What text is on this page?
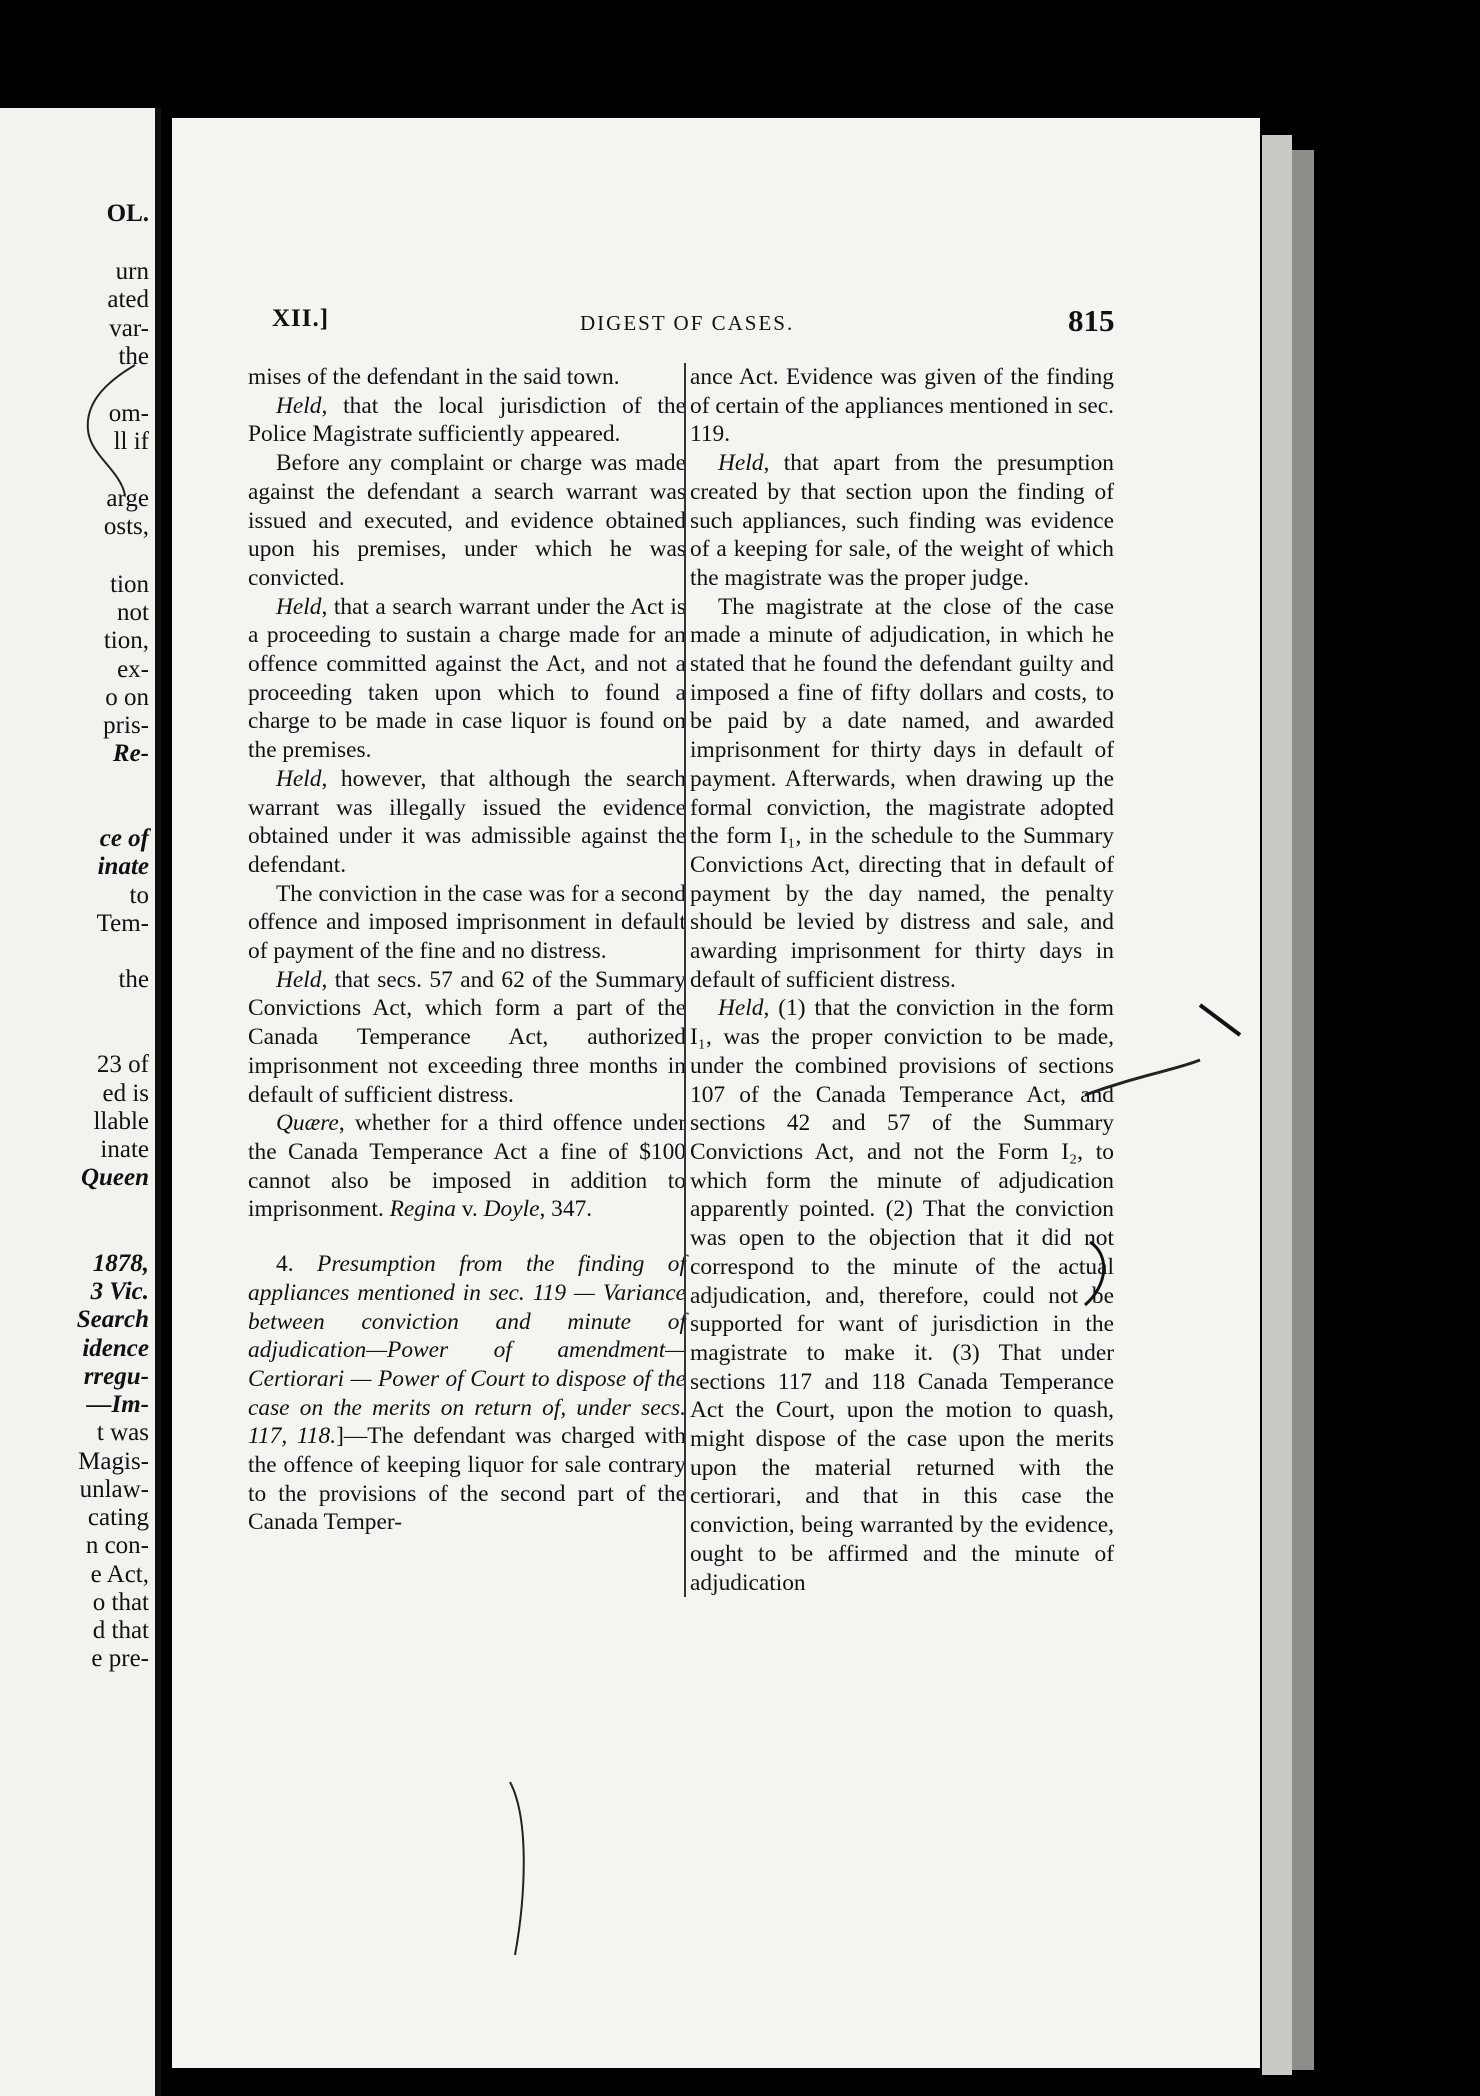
OL.
urn
ated
var-
the
om-
ll if
arge
osts,
tion
not
tion,
ex-
o on
pris-
Re-
ce of
inate
to
Tem-
the
23 of
ed is
llable
inate
Queen
1878,
3 Vic.
Search
idence
rregu-
—Im-
t was
Magis-
unlaw-
cating
n con-
e Act,
o that
d that
e pre-
XII.]	DIGEST OF CASES.	815

mises of the defendant in the said town.

Held, that the local jurisdiction of the Police Magistrate sufficiently appeared.

Before any complaint or charge was made against the defendant a search warrant was issued and executed, and evidence obtained upon his premises, under which he was convicted.

Held, that a search warrant under the Act is a proceeding to sustain a charge made for an offence committed against the Act, and not a proceeding taken upon which to found a charge to be made in case liquor is found on the premises.

Held, however, that although the search warrant was illegally issued the evidence obtained under it was admissible against the defendant.

The conviction in the case was for a second offence and imposed imprisonment in default of payment of the fine and no distress.

Held, that secs. 57 and 62 of the Summary Convictions Act, which form a part of the Canada Temperance Act, authorized imprisonment not exceeding three months in default of sufficient distress.

Quære, whether for a third offence under the Canada Temperance Act a fine of $100 cannot also be imposed in addition to imprisonment. Regina v. Doyle, 347.

4. Presumption from the finding of appliances mentioned in sec. 119 — Variance between conviction and minute of adjudication—Power of amendment—Certiorari — Power of Court to dispose of the case on the merits on return of, under secs. 117, 118.]—The defendant was charged with the offence of keeping liquor for sale contrary to the provisions of the second part of the Canada Temper-

ance Act. Evidence was given of the finding of certain of the appliances mentioned in sec. 119.

Held, that apart from the presumption created by that section upon the finding of such appliances, such finding was evidence of a keeping for sale, of the weight of which the magistrate was the proper judge.

The magistrate at the close of the case made a minute of adjudication, in which he stated that he found the defendant guilty and imposed a fine of fifty dollars and costs, to be paid by a date named, and awarded imprisonment for thirty days in default of payment. Afterwards, when drawing up the formal conviction, the magistrate adopted the form I₁, in the schedule to the Summary Convictions Act, directing that in default of payment by the day named, the penalty should be levied by distress and sale, and awarding imprisonment for thirty days in default of sufficient distress.

Held, (1) that the conviction in the form I₁, was the proper conviction to be made, under the combined provisions of sections 107 of the Canada Temperance Act, and sections 42 and 57 of the Summary Convictions Act, and not the Form I₂, to which form the minute of adjudication apparently pointed. (2) That the conviction was open to the objection that it did not correspond to the minute of the actual adjudication, and, therefore, could not be supported for want of jurisdiction in the magistrate to make it. (3) That under sections 117 and 118 Canada Temperance Act the Court, upon the motion to quash, might dispose of the case upon the merits upon the material returned with the certiorari, and that in this case the conviction, being warranted by the evidence, ought to be affirmed and the minute of adjudication
